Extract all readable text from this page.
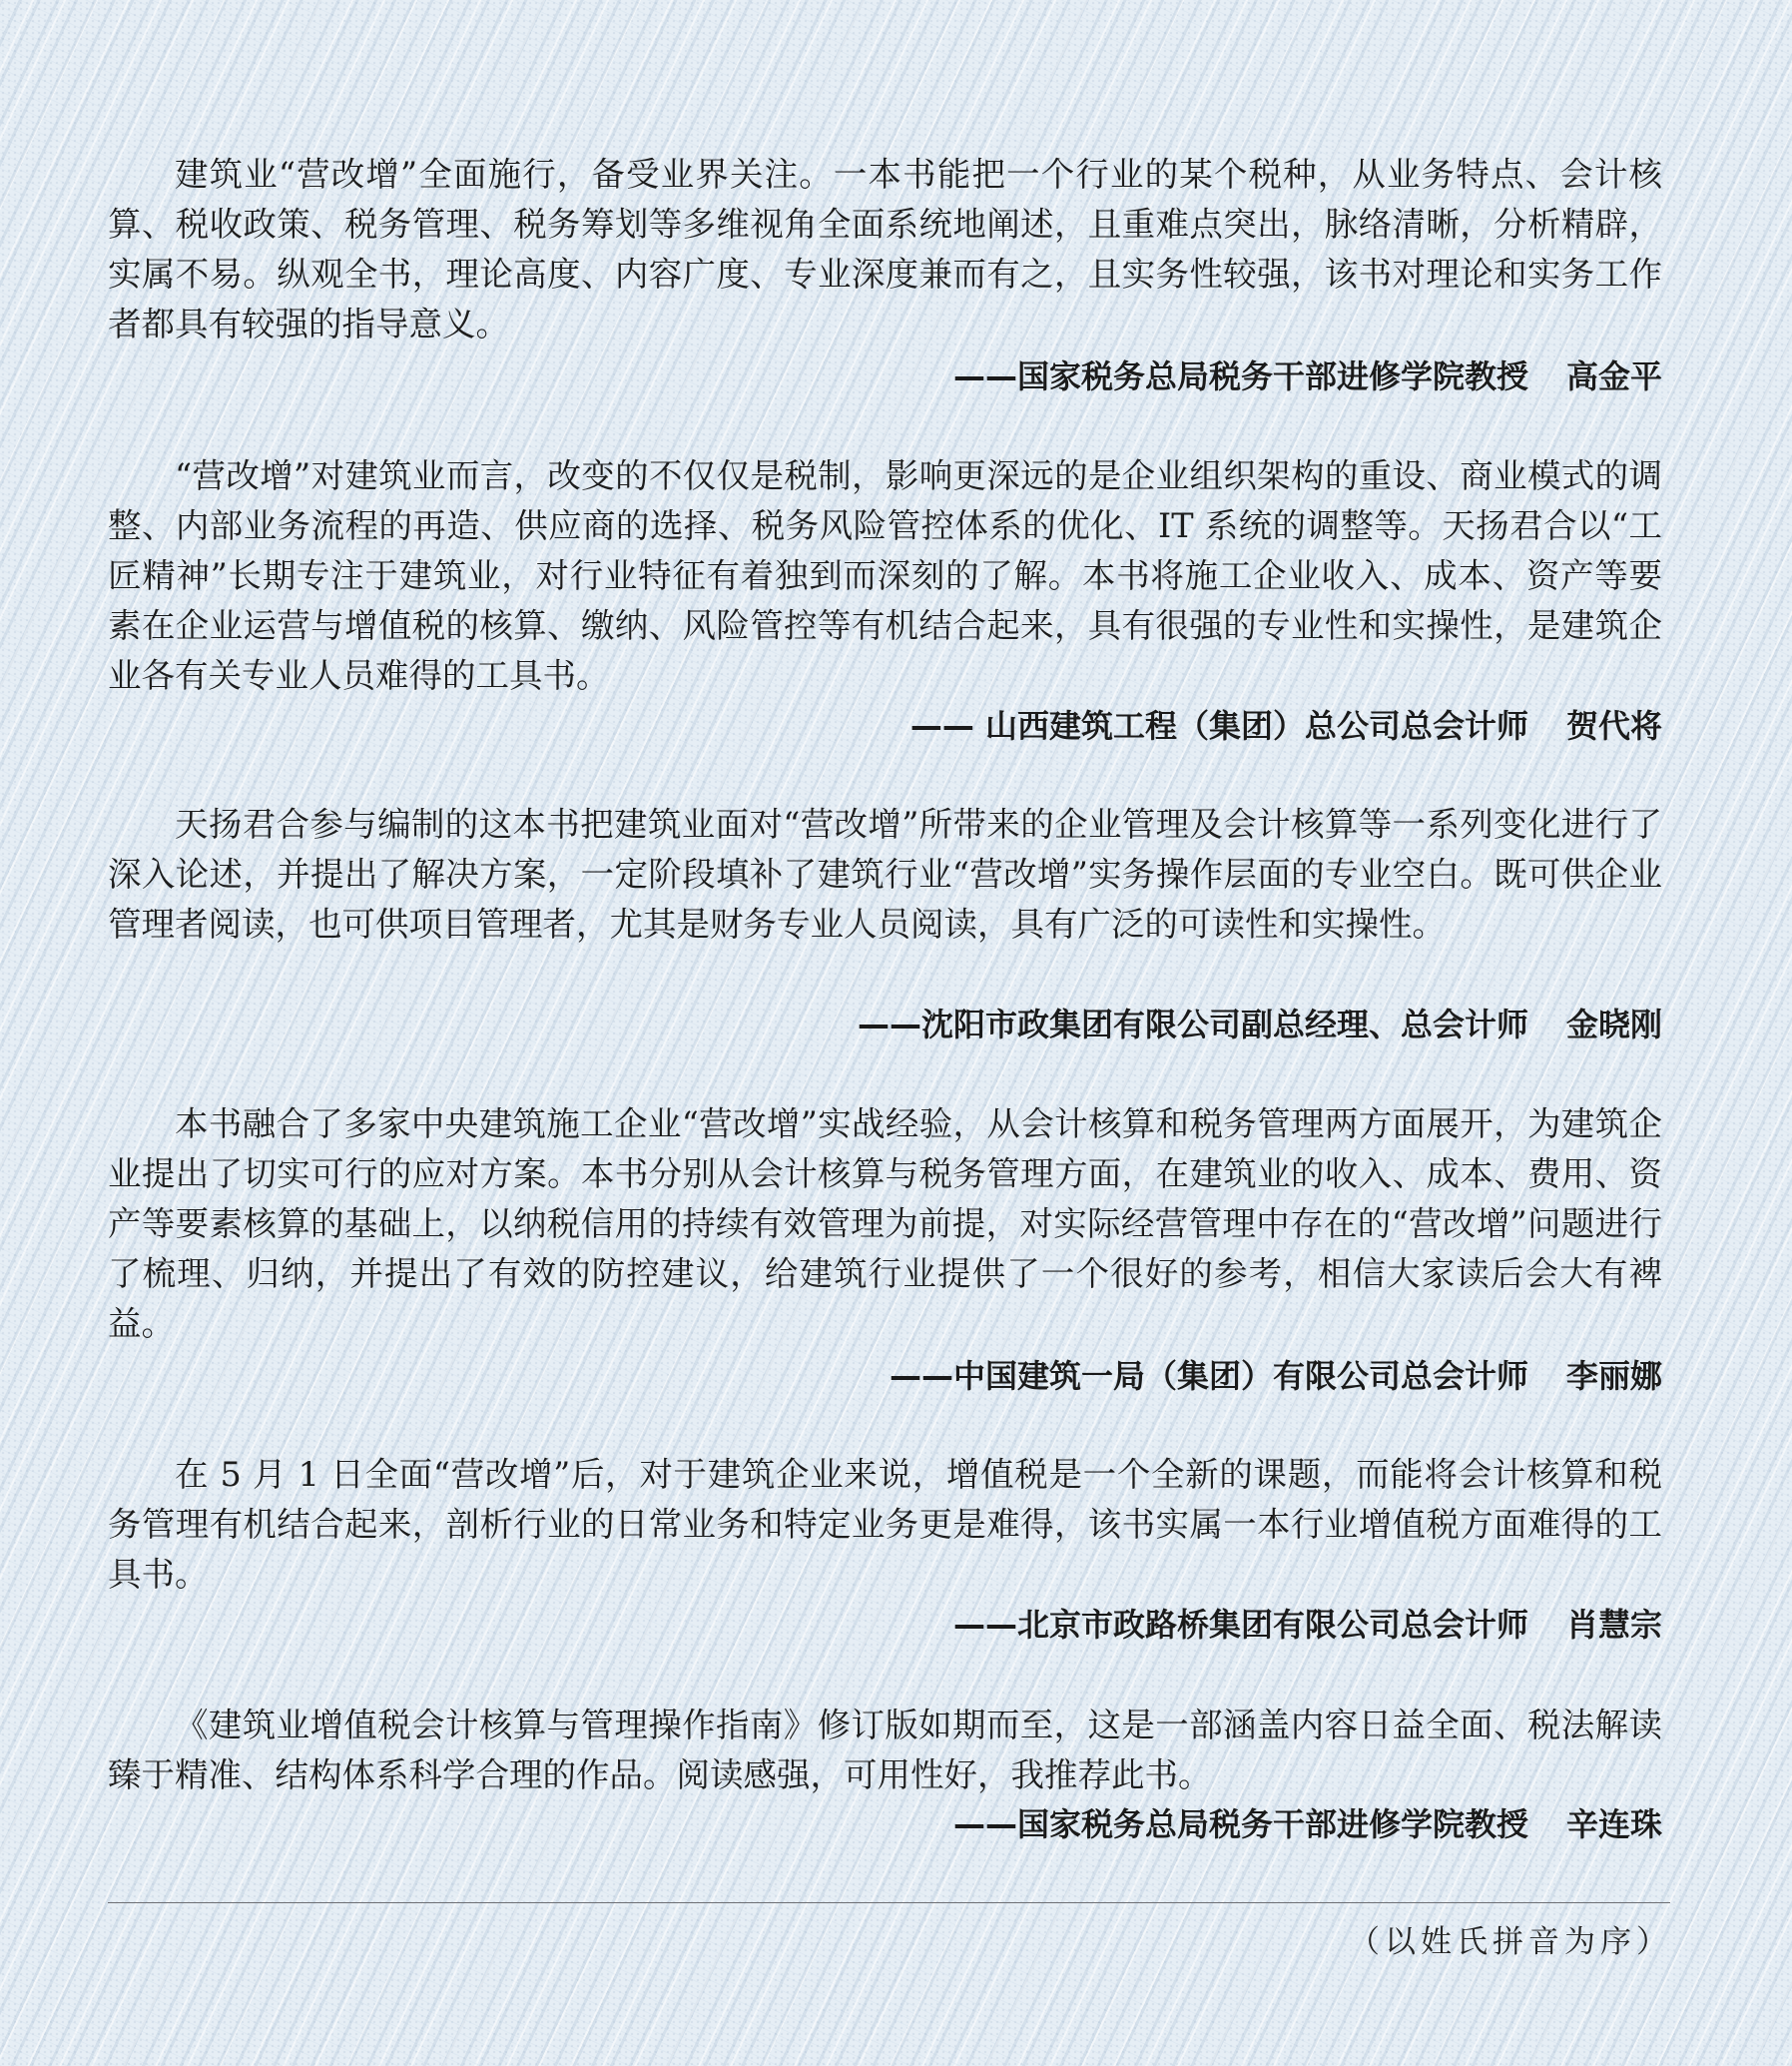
建筑业“营改增”全面施行，备受业界关注。一本书能把一个行业的某个税种，从业务特点、会计核算、税收政策、税务管理、税务筹划等多维视角全面系统地阐述，且重难点突出，脉络清晰，分析精辟，实属不易。纵观全书，理论高度、内容广度、专业深度兼而有之，且实务性较强，该书对理论和实务工作者都具有较强的指导意义。

——国家税务总局税务干部进修学院教授 高金平

“营改增”对建筑业而言，改变的不仅仅是税制，影响更深远的是企业组织架构的重设、商业模式的调整、内部业务流程的再造、供应商的选择、税务风险管控体系的优化、IT 系统的调整等。天扬君合以“工匠精神”长期专注于建筑业，对行业特征有着独到而深刻的了解。本书将施工企业收入、成本、资产等要素在企业运营与增值税的核算、缴纳、风险管控等有机结合起来，具有很强的专业性和实操性，是建筑企业各有关专业人员难得的工具书。

—— 山西建筑工程（集团）总公司总会计师 贺代将

天扬君合参与编制的这本书把建筑业面对“营改增”所带来的企业管理及会计核算等一系列变化进行了深入论述，并提出了解决方案，一定阶段填补了建筑行业“营改增”实务操作层面的专业空白。既可供企业管理者阅读，也可供项目管理者，尤其是财务专业人员阅读，具有广泛的可读性和实操性。

——沈阳市政集团有限公司副总经理、总会计师 金晓刚

本书融合了多家中央建筑施工企业“营改增”实战经验，从会计核算和税务管理两方面展开，为建筑企业提出了切实可行的应对方案。本书分别从会计核算与税务管理方面，在建筑业的收入、成本、费用、资产等要素核算的基础上，以纳税信用的持续有效管理为前提，对实际经营管理中存在的“营改增”问题进行了梳理、归纳，并提出了有效的防控建议，给建筑行业提供了一个很好的参考，相信大家读后会大有裨益。

——中国建筑一局（集团）有限公司总会计师 李丽娜

在 5 月 1 日全面“营改增”后，对于建筑企业来说，增值税是一个全新的课题，而能将会计核算和税务管理有机结合起来，剖析行业的日常业务和特定业务更是难得，该书实属一本行业增值税方面难得的工具书。

——北京市政路桥集团有限公司总会计师 肖慧宗

《建筑业增值税会计核算与管理操作指南》修订版如期而至，这是一部涵盖内容日益全面、税法解读臻于精准、结构体系科学合理的作品。阅读感强，可用性好，我推荐此书。

——国家税务总局税务干部进修学院教授 辛连珠
（以姓氏拼音为序）
